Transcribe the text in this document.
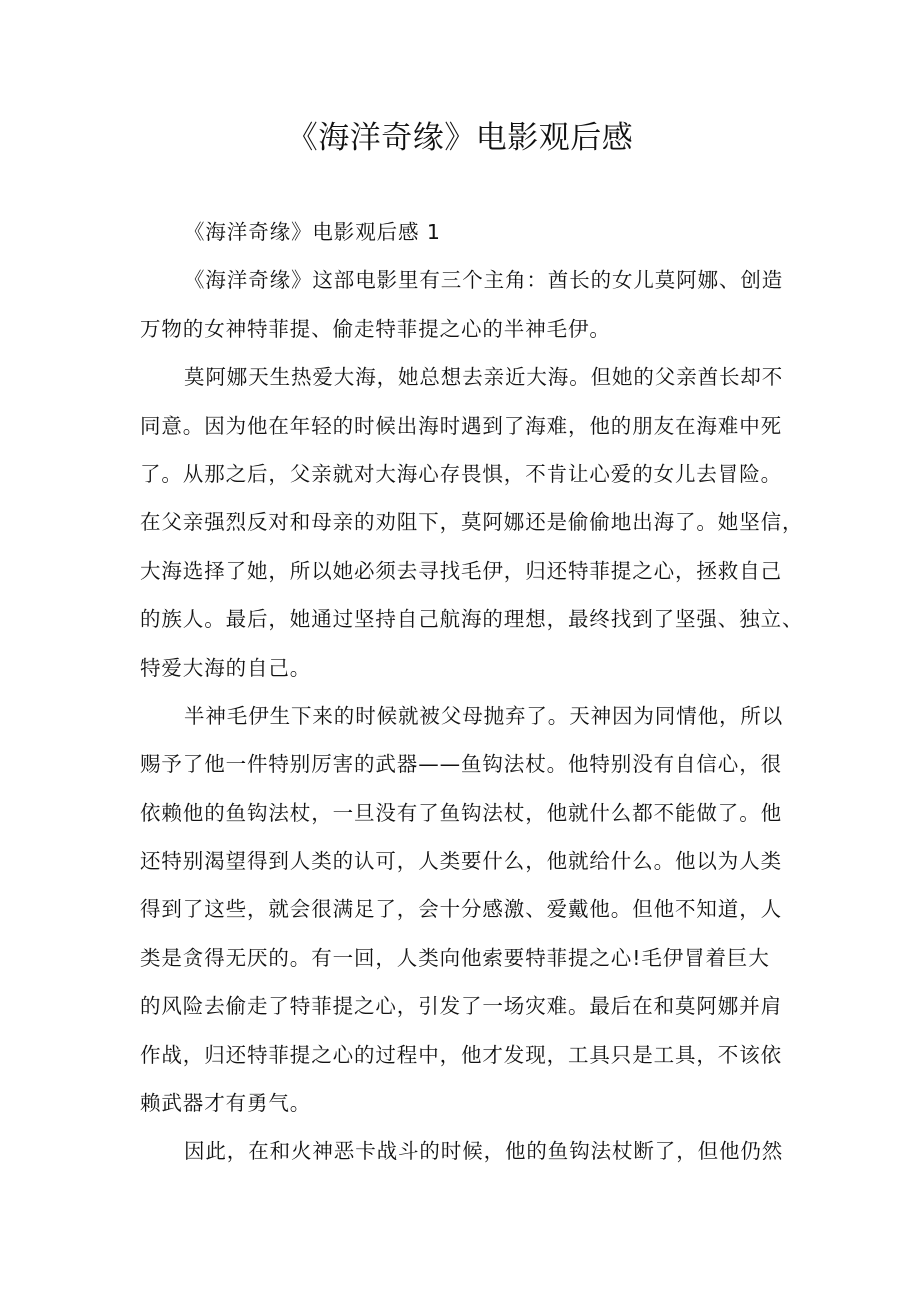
《海洋奇缘》电影观后感
《海洋奇缘》电影观后感 1
《海洋奇缘》这部电影里有三个主角：酋长的女儿莫阿娜、创造
万物的女神特菲提、偷走特菲提之心的半神毛伊。
莫阿娜天生热爱大海，她总想去亲近大海。但她的父亲酋长却不
同意。因为他在年轻的时候出海时遇到了海难，他的朋友在海难中死
了。从那之后，父亲就对大海心存畏惧，不肯让心爱的女儿去冒险。
在父亲强烈反对和母亲的劝阻下，莫阿娜还是偷偷地出海了。她坚信，
大海选择了她，所以她必须去寻找毛伊，归还特菲提之心，拯救自己
的族人。最后，她通过坚持自己航海的理想，最终找到了坚强、独立、
特爱大海的自己。
半神毛伊生下来的时候就被父母抛弃了。天神因为同情他，所以
赐予了他一件特别厉害的武器——鱼钩法杖。他特别没有自信心，很
依赖他的鱼钩法杖，一旦没有了鱼钩法杖，他就什么都不能做了。他
还特别渴望得到人类的认可，人类要什么，他就给什么。他以为人类
得到了这些，就会很满足了，会十分感激、爱戴他。但他不知道，人
类是贪得无厌的。有一回，人类向他索要特菲提之心!毛伊冒着巨大
的风险去偷走了特菲提之心，引发了一场灾难。最后在和莫阿娜并肩
作战，归还特菲提之心的过程中，他才发现，工具只是工具，不该依
赖武器才有勇气。
因此，在和火神恶卡战斗的时候，他的鱼钩法杖断了，但他仍然
